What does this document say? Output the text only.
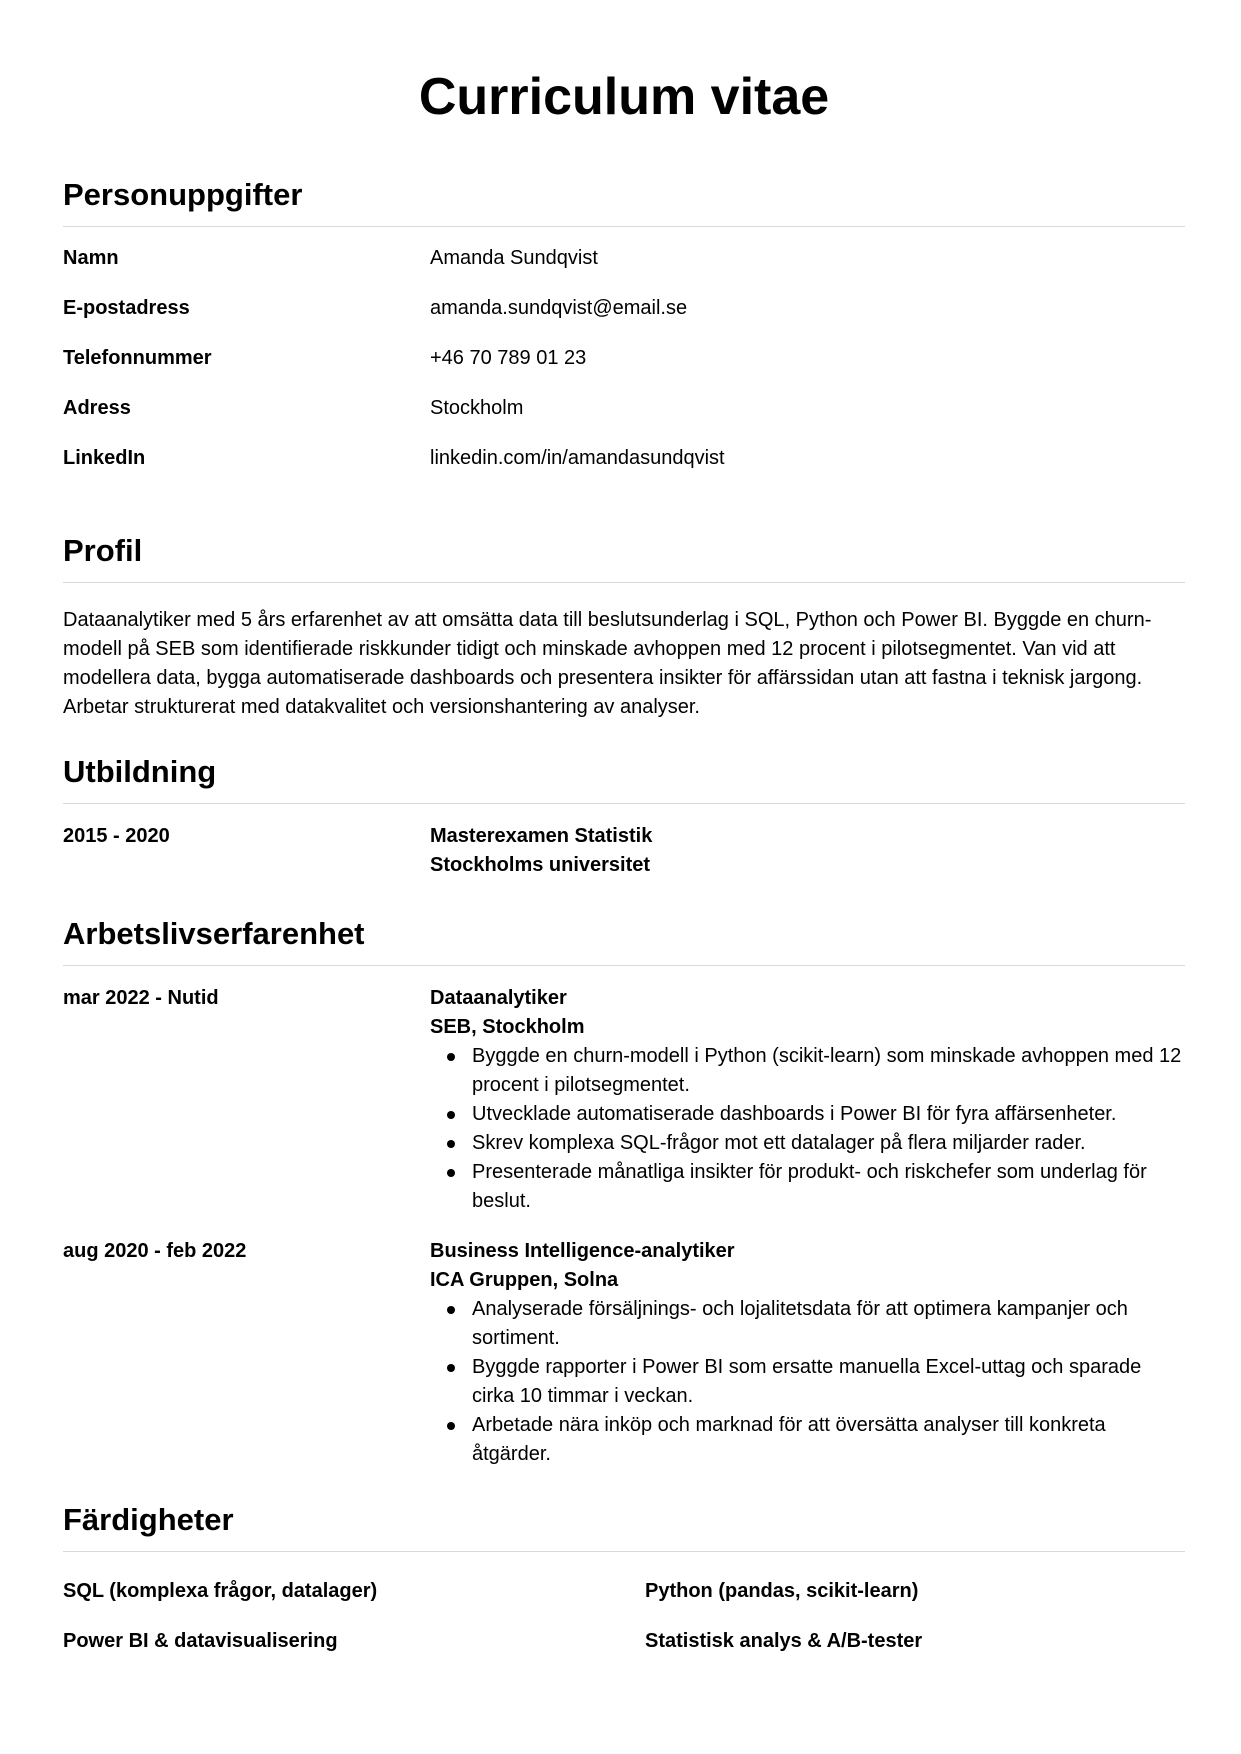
Curriculum vitae
Personuppgifter
Namn	Amanda Sundqvist
E-postadress	amanda.sundqvist@email.se
Telefonnummer	+46 70 789 01 23
Adress	Stockholm
LinkedIn	linkedin.com/in/amandasundqvist
Profil
Dataanalytiker med 5 års erfarenhet av att omsätta data till beslutsunderlag i SQL, Python och Power BI. Byggde en churn-modell på SEB som identifierade riskkunder tidigt och minskade avhoppen med 12 procent i pilotsegmentet. Van vid att modellera data, bygga automatiserade dashboards och presentera insikter för affärssidan utan att fastna i teknisk jargong. Arbetar strukturerat med datakvalitet och versionshantering av analyser.
Utbildning
2015 - 2020	Masterexamen Statistik
Stockholms universitet
Arbetslivserfarenhet
mar 2022 - Nutid	Dataanalytiker
SEB, Stockholm
Byggde en churn-modell i Python (scikit-learn) som minskade avhoppen med 12 procent i pilotsegmentet.
Utvecklade automatiserade dashboards i Power BI för fyra affärsenheter.
Skrev komplexa SQL-frågor mot ett datalager på flera miljarder rader.
Presenterade månatliga insikter för produkt- och riskchefer som underlag för beslut.
aug 2020 - feb 2022	Business Intelligence-analytiker
ICA Gruppen, Solna
Analyserade försäljnings- och lojalitetsdata för att optimera kampanjer och sortiment.
Byggde rapporter i Power BI som ersatte manuella Excel-uttag och sparade cirka 10 timmar i veckan.
Arbetade nära inköp och marknad för att översätta analyser till konkreta åtgärder.
Färdigheter
SQL (komplexa frågor, datalager)	Python (pandas, scikit-learn)
Power BI & datavisualisering	Statistisk analys & A/B-tester
